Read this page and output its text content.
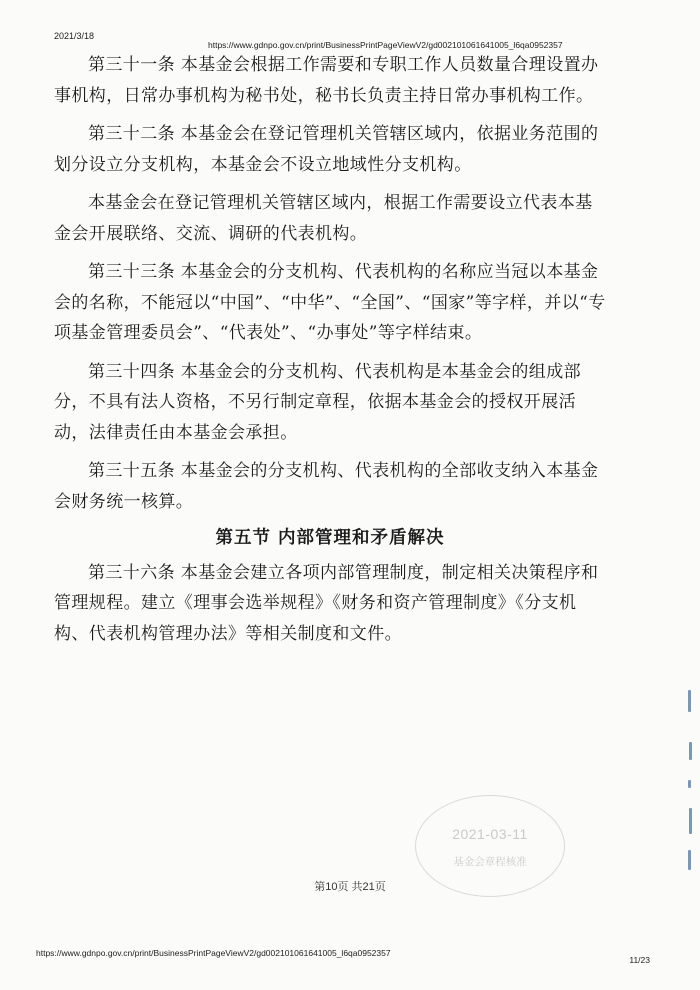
2021/3/18
https://www.gdnpo.gov.cn/print/BusinessPrintPageViewV2/gd002101061641005_l6qa0952357

第三十一条 本基金会根据工作需要和专职工作人员数量合理设置办事机构，日常办事机构为秘书处，秘书长负责主持日常办事机构工作。

第三十二条 本基金会在登记管理机关管辖区域内，依据业务范围的划分设立分支机构，本基金会不设立地域性分支机构。

本基金会在登记管理机关管辖区域内，根据工作需要设立代表本基金会开展联络、交流、调研的代表机构。

第三十三条 本基金会的分支机构、代表机构的名称应当冠以本基金会的名称，不能冠以“中国”、“中华”、“全国”、“国家”等字样，并以“专项基金管理委员会”、“代表处”、“办事处”等字样结束。

第三十四条 本基金会的分支机构、代表机构是本基金会的组成部分，不具有法人资格，不另行制定章程，依据本基金会的授权开展活动，法律责任由本基金会承担。

第三十五条 本基金会的分支机构、代表机构的全部收支纳入本基金会财务统一核算。

第五节 内部管理和矛盾解决

第三十六条 本基金会建立各项内部管理制度，制定相关决策程序和管理规程。建立《理事会选举规程》《财务和资产管理制度》《分支机构、代表机构管理办法》等相关制度和文件。

2021-03-11
基金会章程核准
第10页 共21页
https://www.gdnpo.gov.cn/print/BusinessPrintPageViewV2/gd002101061641005_l6qa0952357
11/23
